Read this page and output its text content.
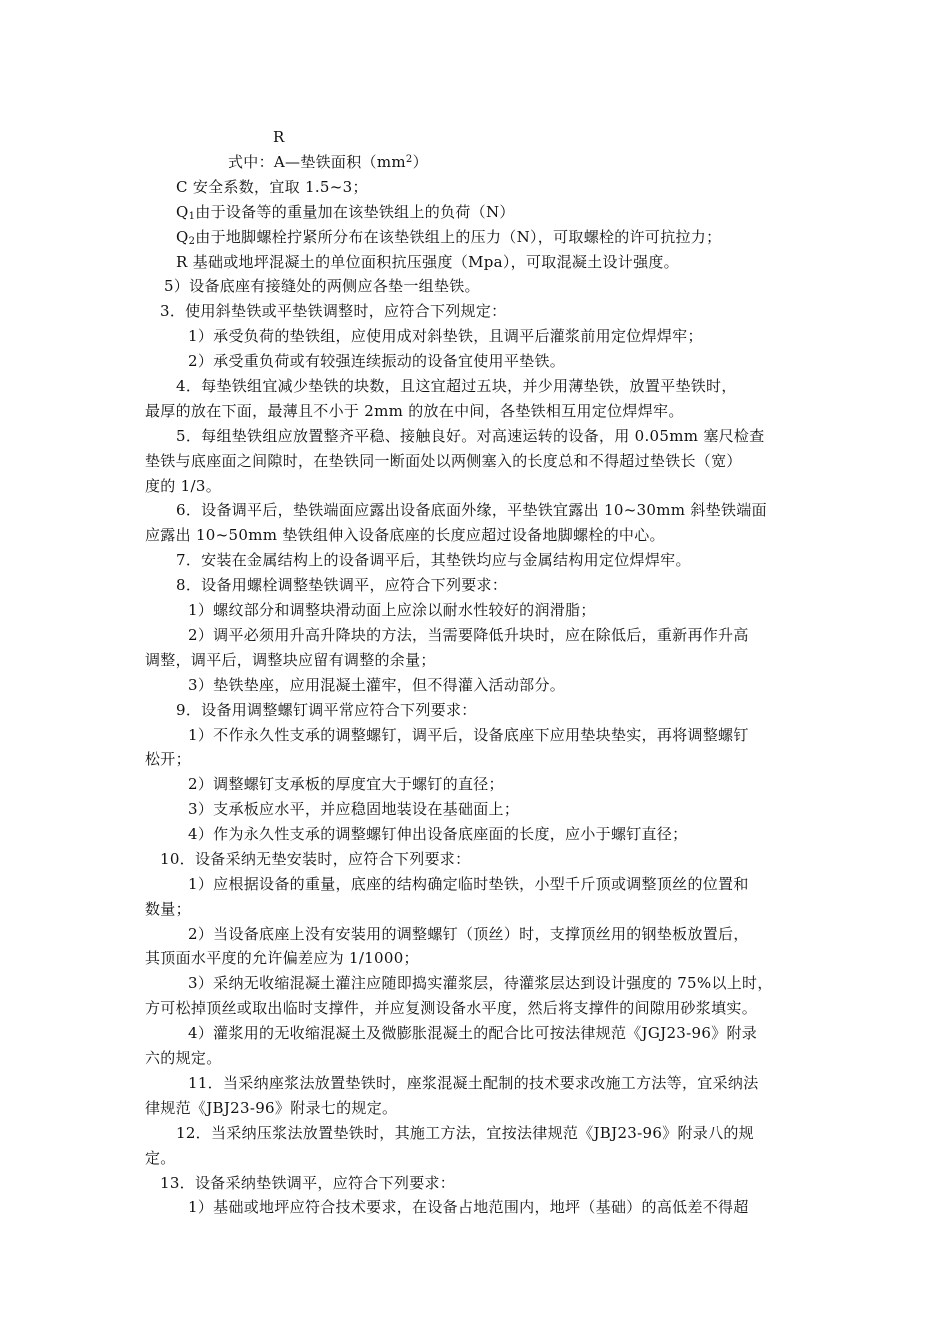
R
式中：A—垫铁面积$(mm^2)$
C 安全系数，宜取 1.5~3；
$Q_1$由于设备等的重量加在该垫铁组上的负荷（N）
$Q_2$由于地脚螺栓拧紧所分布在该垫铁组上的压力（N），可取螺栓的许可抗拉力；
R 基础或地坪混凝土的单位面积抗压强度（Mpa），可取混凝土设计强度。
5）设备底座有接缝处的两侧应各垫一组垫铁。
3．使用斜垫铁或平垫铁调整时，应符合下列规定：
1）承受负荷的垫铁组，应使用成对斜垫铁，且调平后灌浆前用定位焊焊牢；
2）承受重负荷或有较强连续振动的设备宜使用平垫铁。
4．每垫铁组宜减少垫铁的块数，且这宜超过五块，并少用薄垫铁，放置平垫铁时，
最厚的放在下面，最薄且不小于 2mm 的放在中间，各垫铁相互用定位焊焊牢。
5．每组垫铁组应放置整齐平稳、接触良好。对高速运转的设备，用 0.05mm 塞尺检查
垫铁与底座面之间隙时，在垫铁同一断面处以两侧塞入的长度总和不得超过垫铁长（宽）
度的 1/3。
6．设备调平后，垫铁端面应露出设备底面外缘，平垫铁宜露出 10~30mm 斜垫铁端面
应露出 10~50mm 垫铁组伸入设备底座的长度应超过设备地脚螺栓的中心。
7．安装在金属结构上的设备调平后，其垫铁均应与金属结构用定位焊焊牢。
8．设备用螺栓调整垫铁调平，应符合下列要求：
1）螺纹部分和调整块滑动面上应涂以耐水性较好的润滑脂；
2）调平必须用升高升降块的方法，当需要降低升块时，应在除低后，重新再作升高
调整，调平后，调整块应留有调整的余量；
3）垫铁垫座，应用混凝土灌牢，但不得灌入活动部分。
9．设备用调整螺钉调平常应符合下列要求：
1）不作永久性支承的调整螺钉，调平后，设备底座下应用垫块垫实，再将调整螺钉
松开；
2）调整螺钉支承板的厚度宜大于螺钉的直径；
3）支承板应水平，并应稳固地装设在基础面上；
4）作为永久性支承的调整螺钉伸出设备底座面的长度，应小于螺钉直径；
10．设备采纳无垫安装时，应符合下列要求：
1）应根据设备的重量，底座的结构确定临时垫铁，小型千斤顶或调整顶丝的位置和
数量；
2）当设备底座上没有安装用的调整螺钉（顶丝）时，支撑顶丝用的钢垫板放置后，
其顶面水平度的允许偏差应为 1/1000；
3）采纳无收缩混凝土灌注应随即捣实灌浆层，待灌浆层达到设计强度的 75%以上时，
方可松掉顶丝或取出临时支撑件，并应复测设备水平度，然后将支撑件的间隙用砂浆填实。
4）灌浆用的无收缩混凝土及微膨胀混凝土的配合比可按法律规范《JGJ23-96》附录
六的规定。
11．当采纳座浆法放置垫铁时，座浆混凝土配制的技术要求改施工方法等，宜采纳法
律规范《JBJ23-96》附录七的规定。
12．当采纳压浆法放置垫铁时，其施工方法，宜按法律规范《JBJ23-96》附录八的规
定。
13．设备采纳垫铁调平，应符合下列要求：
1）基础或地坪应符合技术要求，在设备占地范围内，地坪（基础）的高低差不得超
